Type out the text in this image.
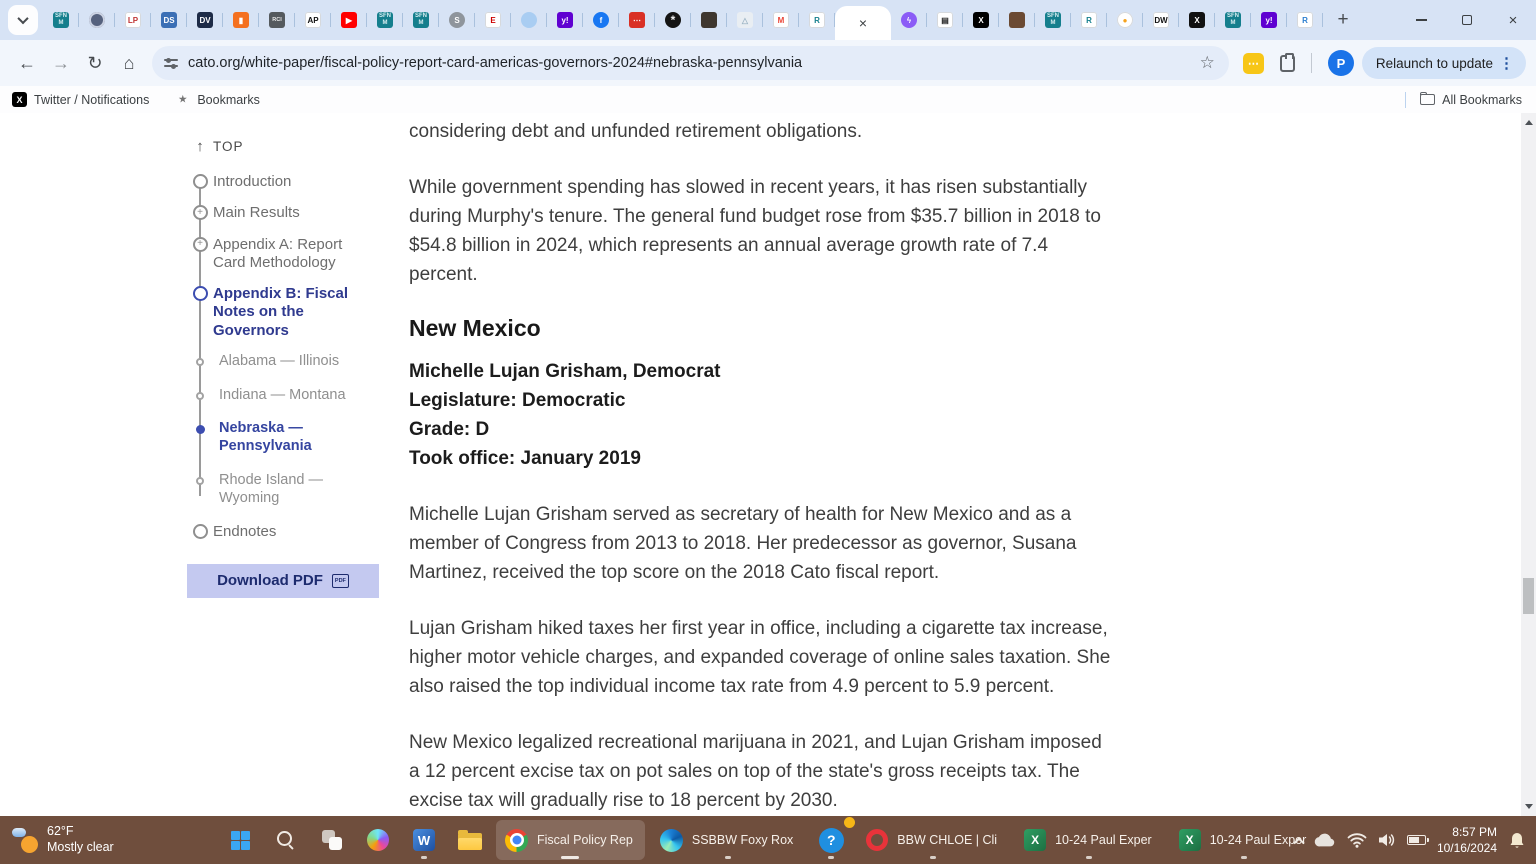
SFNM	LP	DS	DV	▮	RCI	AP	▶	SFNM
SFNM	S	E	y!	f	⋯	*	△	M	R	×	ϟ	▤	X	SFNM	R	●	DW	X	SFNM	y!	R	+	×
← → ↻	⌂	cato.org/white-paper/fiscal-policy-report-card-americas-governors-2024#nebraska-pennsylvania	☆	⋯	P	Relaunch to update ⋮
X Twitter / Notifications	★ Bookmarks	All Bookmarks
↑
TOP
Introduction
+
Main Results
+
Appendix A: Report Card Methodology
Appendix B: Fiscal Notes on the Governors
Alabama — Illinois
Indiana — Montana
Nebraska — Pennsylvania
Rhode Island — Wyoming
Endnotes
Download PDF
PDF

considering debt and unfunded retirement obligations.

While government spending has slowed in recent years, it has risen substantially during Murphy's tenure. The general fund budget rose from $35.7 billion in 2018 to $54.8 billion in 2024, which represents an annual average growth rate of 7.4 percent.

New Mexico

Michelle Lujan Grisham, Democrat

Legislature: Democratic

Grade: D

Took office: January 2019

Michelle Lujan Grisham served as secretary of health for New Mexico and as a member of Congress from 2013 to 2018. Her predecessor as governor, Susana Martinez, received the top score on the 2018 Cato fiscal report.

Lujan Grisham hiked taxes her first year in office, including a cigarette tax increase, higher motor vehicle charges, and expanded coverage of online sales taxation. She also raised the top individual income tax rate from 4.9 percent to 5.9 percent.

New Mexico legalized recreational marijuana in 2021, and Lujan Grisham imposed a 12 percent excise tax on pot sales on top of the state's gross receipts tax. The excise tax will gradually rise to 18 percent by 2030.

62°F
Mostly clear	W	Fiscal Policy Rep	SSBBW Foxy Rox	?	BBW CHLOE | Cli	X	10-24 Paul Exper	X	10-24 Paul Exper
8:57 PM
10/16/2024
